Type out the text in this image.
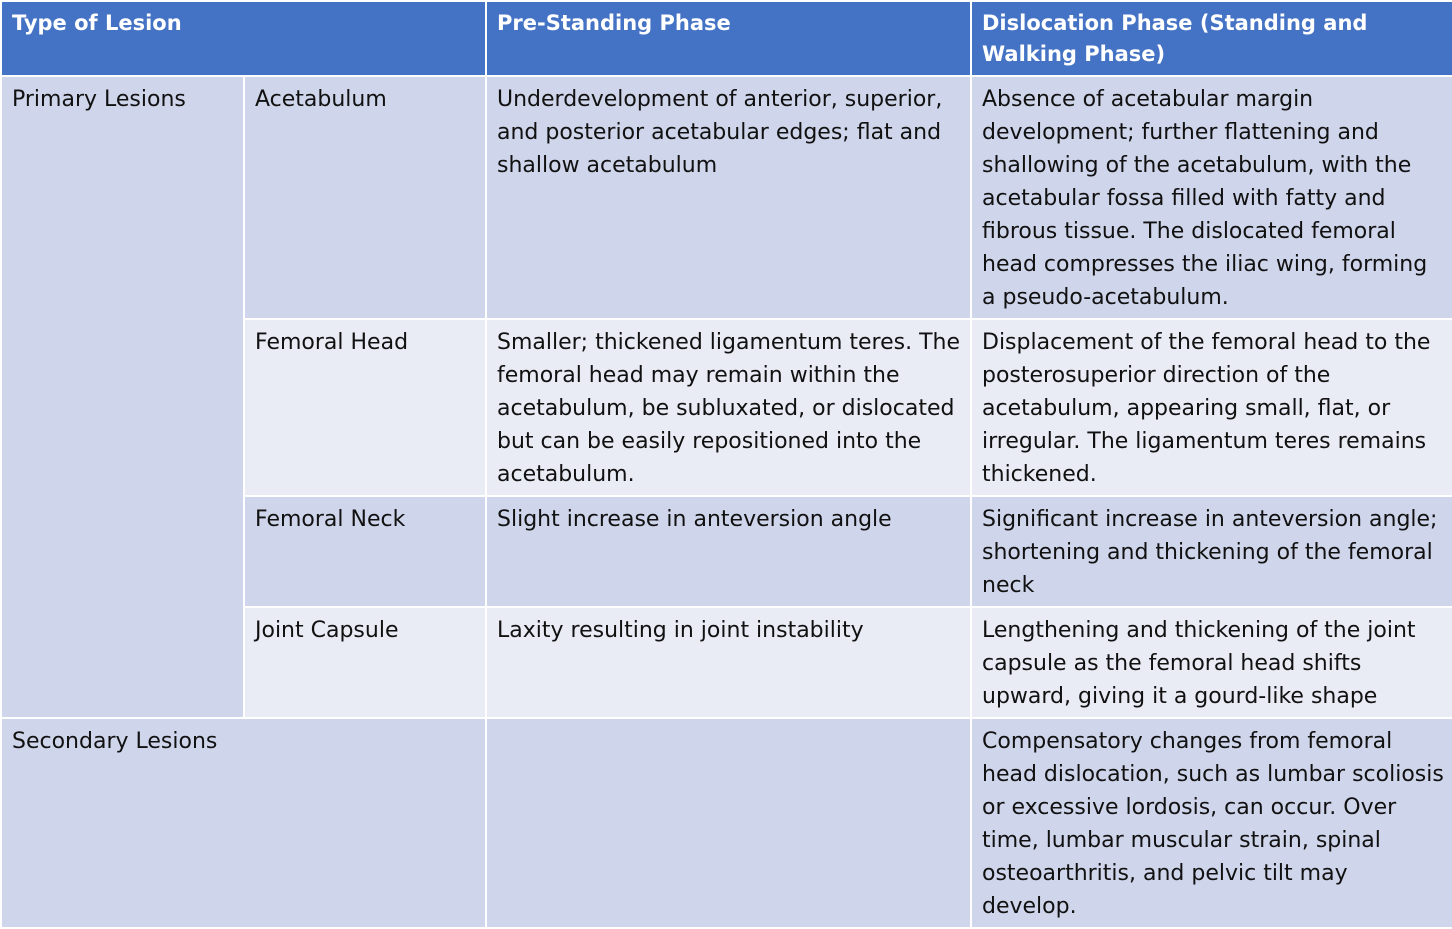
Type of Lesion		Pre-Standing Phase	Dislocation Phase (Standing and Walking Phase)
Primary Lesions	Acetabulum	Underdevelopment of anterior, superior, and posterior acetabular edges; flat and shallow acetabulum	Absence of acetabular margin development; further flattening and shallowing of the acetabulum, with the acetabular fossa filled with fatty and fibrous tissue. The dislocated femoral head compresses the iliac wing, forming a pseudo-acetabulum.
	Femoral Head	Smaller; thickened ligamentum teres. The femoral head may remain within the acetabulum, be subluxated, or dislocated but can be easily repositioned into the acetabulum.	Displacement of the femoral head to the posterosuperior direction of the acetabulum, appearing small, flat, or irregular. The ligamentum teres remains thickened.
	Femoral Neck	Slight increase in anteversion angle	Significant increase in anteversion angle; shortening and thickening of the femoral neck
	Joint Capsule	Laxity resulting in joint instability	Lengthening and thickening of the joint capsule as the femoral head shifts upward, giving it a gourd-like shape
Secondary Lesions			Compensatory changes from femoral head dislocation, such as lumbar scoliosis or excessive lordosis, can occur. Over time, lumbar muscular strain, spinal osteoarthritis, and pelvic tilt may develop.
